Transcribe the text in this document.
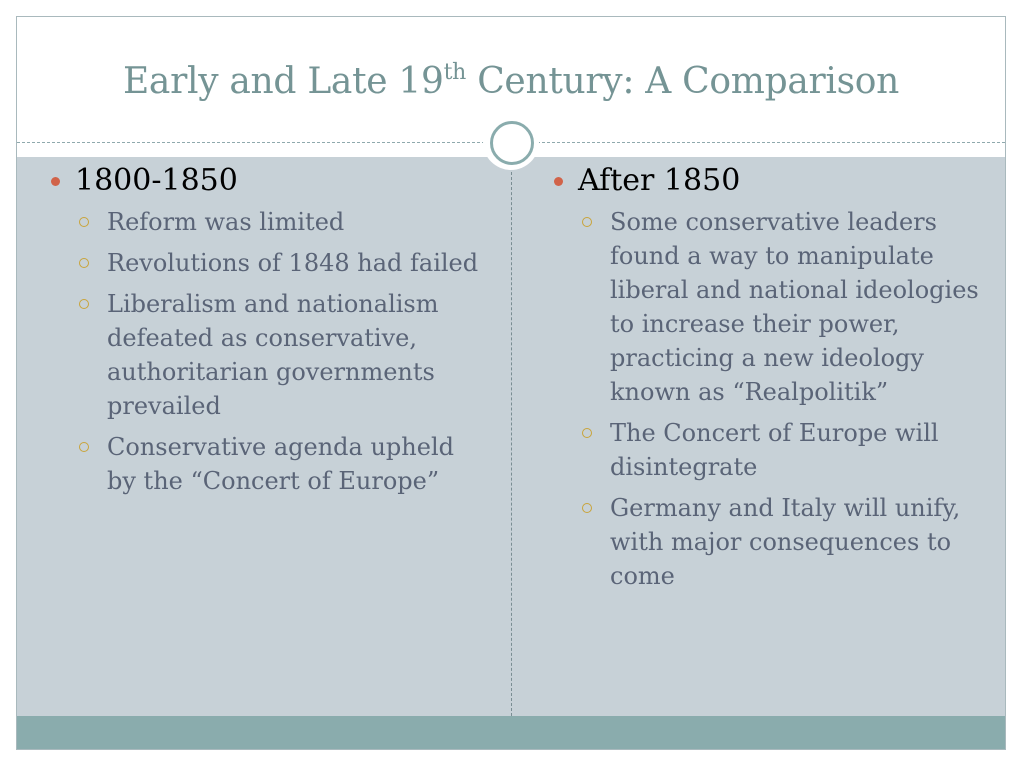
Early and Late 19th Century: A Comparison
1800-1850
Reform was limited
Revolutions of 1848 had failed
Liberalism and nationalism defeated as conservative, authoritarian governments prevailed
Conservative agenda upheld by the “Concert of Europe”
After 1850
Some conservative leaders found a way to manipulate liberal and national ideologies to increase their power, practicing a new ideology known as “Realpolitik”
The Concert of Europe will disintegrate
Germany and Italy will unify, with major consequences to come
